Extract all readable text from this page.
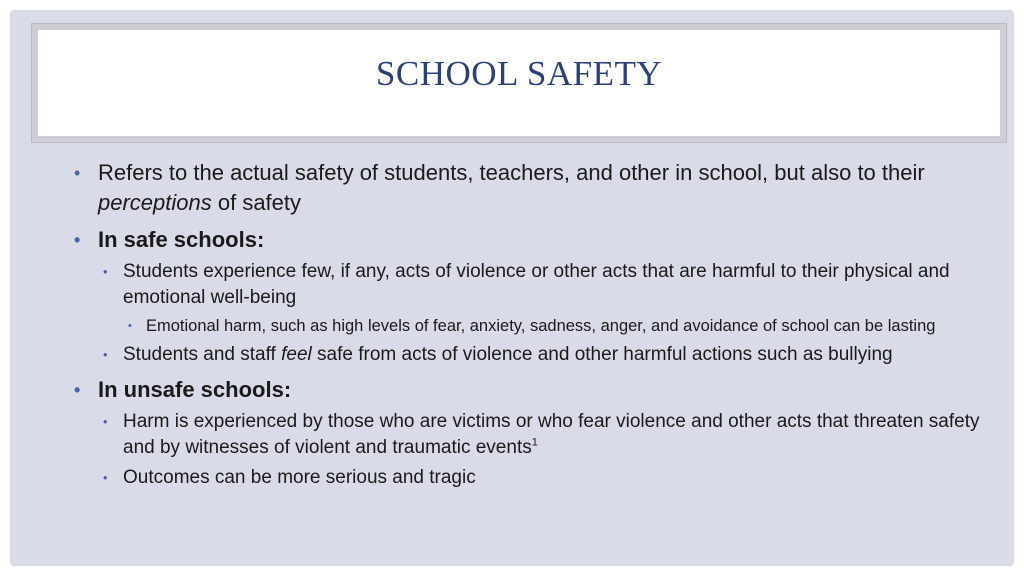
SCHOOL SAFETY
• Refers to the actual safety of students, teachers, and other in school, but also to their perceptions of safety
• In safe schools:
• Students experience few, if any, acts of violence or other acts that are harmful to their physical and emotional well-being
• Emotional harm, such as high levels of fear, anxiety, sadness, anger, and avoidance of school can be lasting
• Students and staff feel safe from acts of violence and other harmful actions such as bullying
• In unsafe schools:
• Harm is experienced by those who are victims or who fear violence and other acts that threaten safety and by witnesses of violent and traumatic events$^1$
• Outcomes can be more serious and tragic
